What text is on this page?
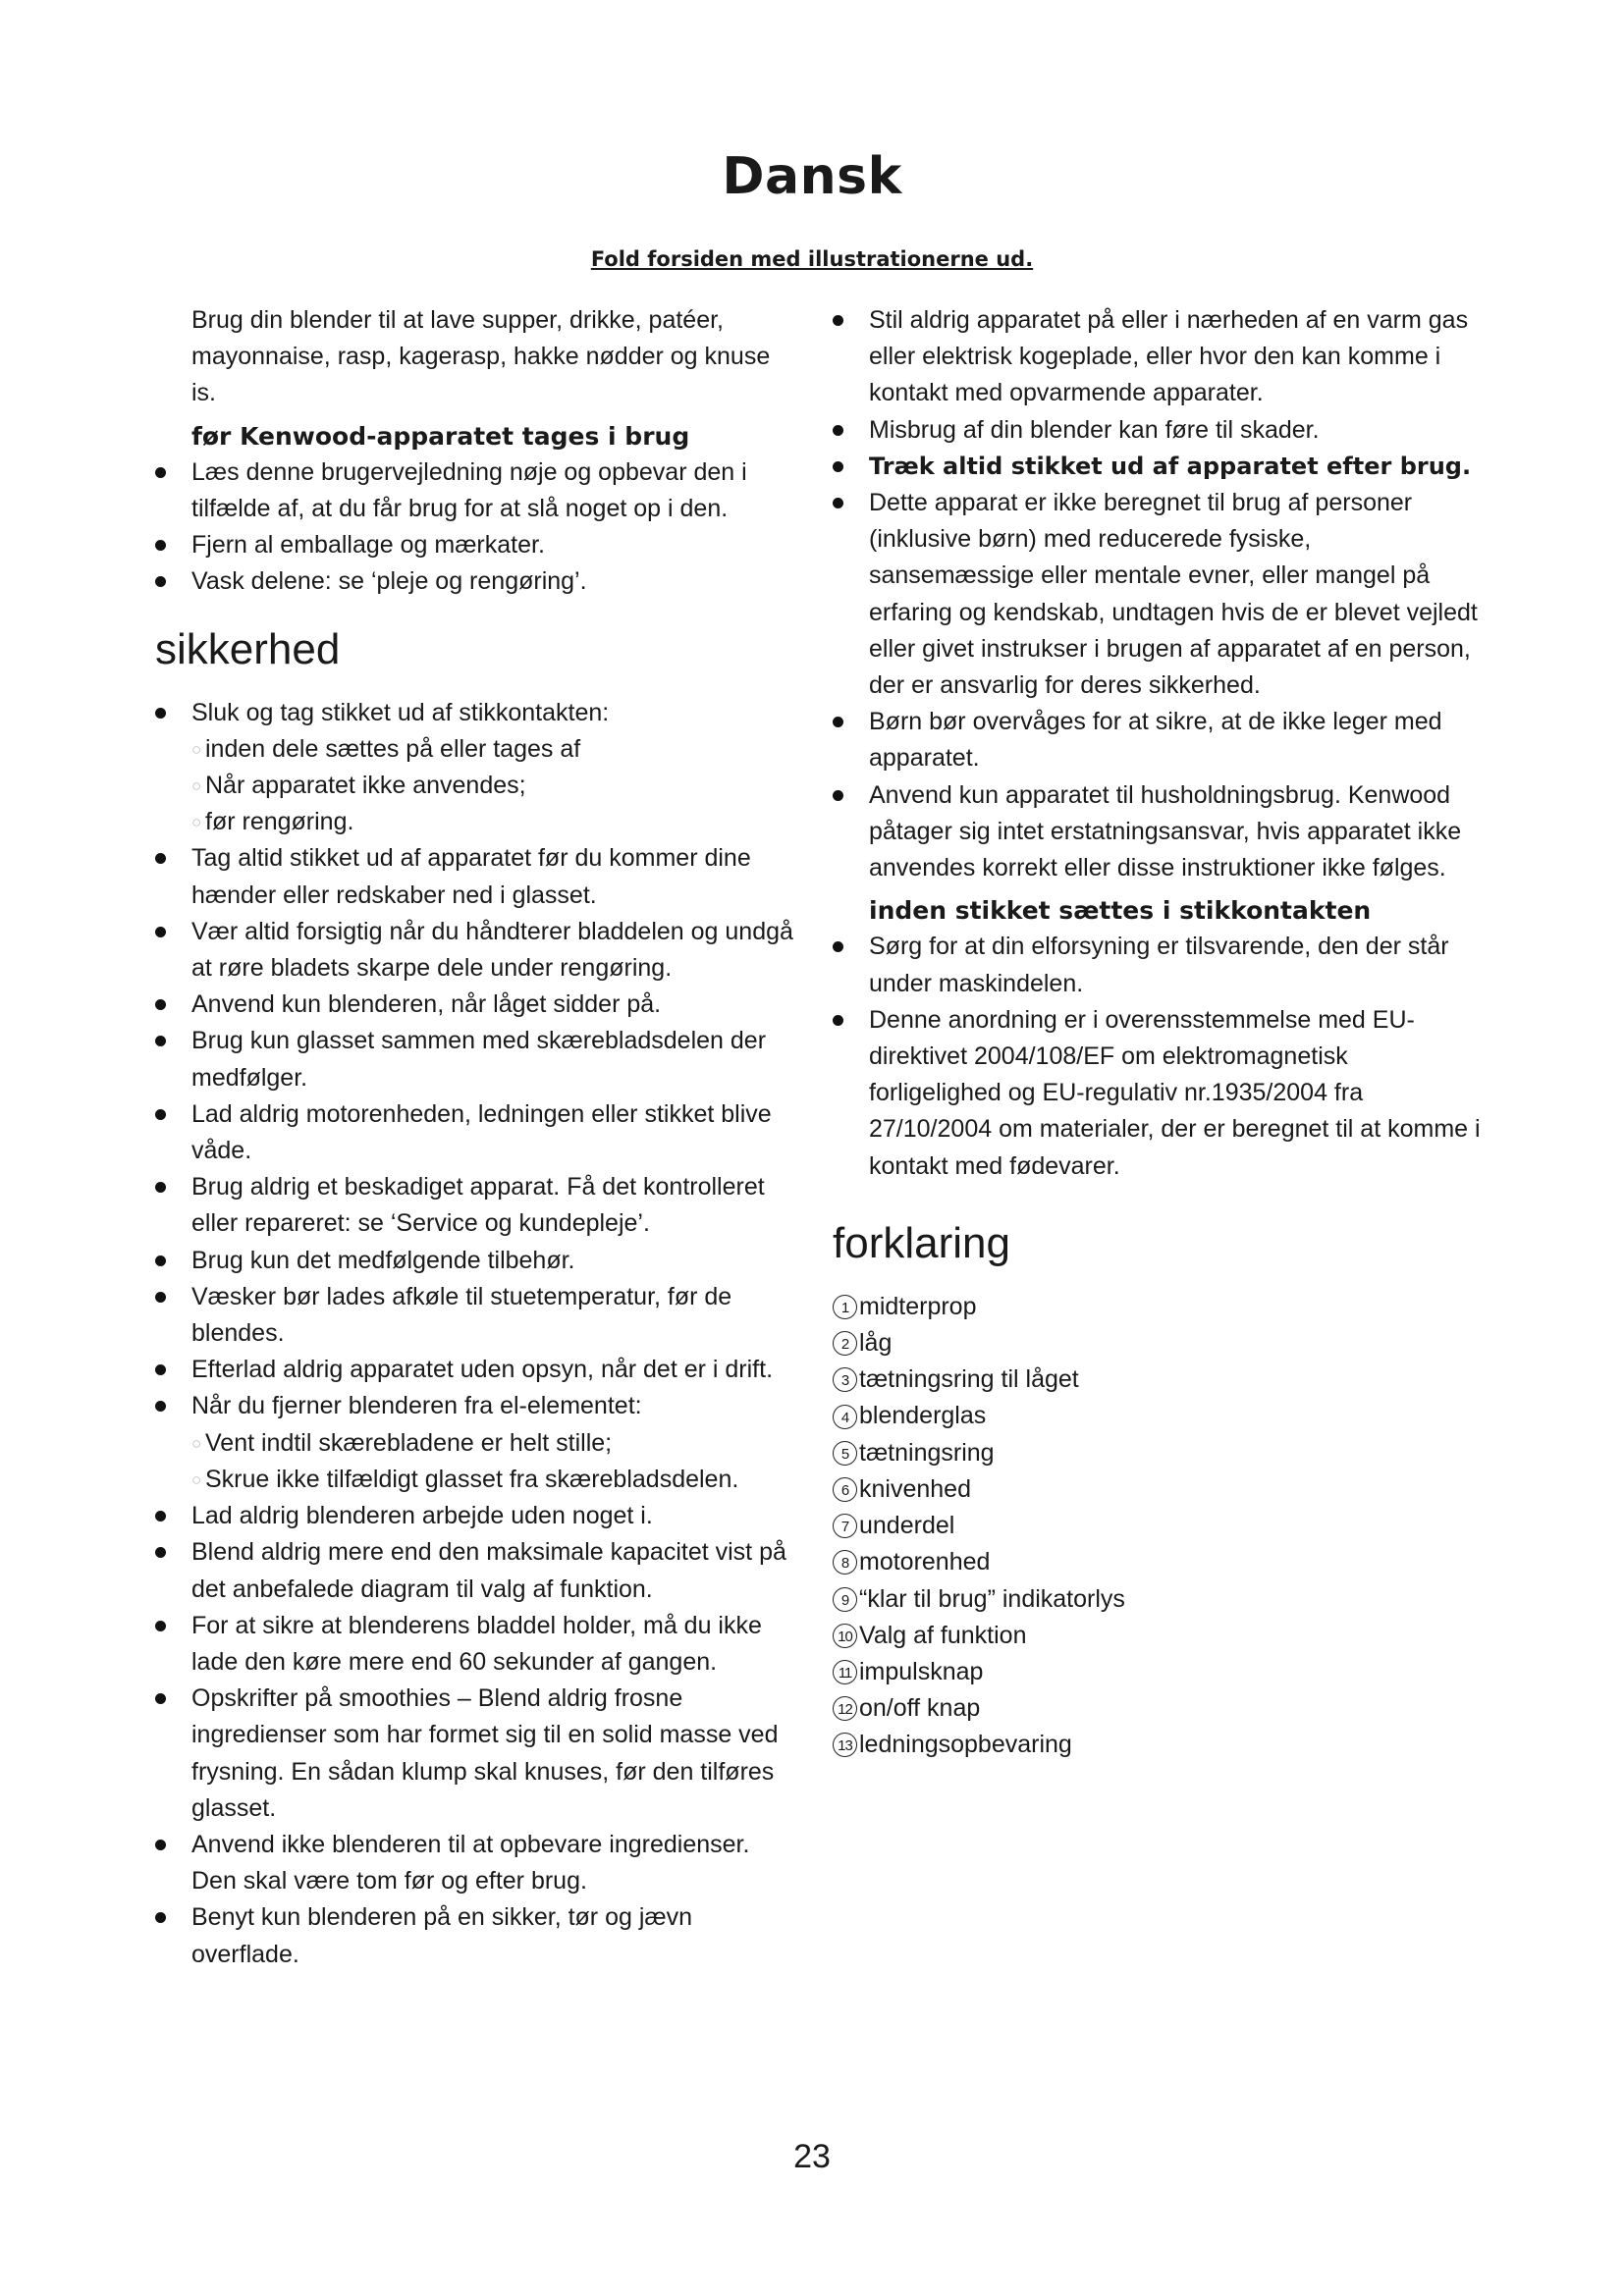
Dansk
Fold forsiden med illustrationerne ud.

Brug din blender til at lave supper, drikke, patéer, mayonnaise, rasp, kagerasp, hakke nødder og knuse is.

før Kenwood-apparatet tages i brug
Læs denne brugervejledning nøje og opbevar den i tilfælde af, at du får brug for at slå noget op i den.
Fjern al emballage og mærkater.
Vask delene: se ‘pleje og rengøring’.
sikkerhed
Sluk og tag stikket ud af stikkontakten:
○ inden dele sættes på eller tages af
○ Når apparatet ikke anvendes;
○ før rengøring.
Tag altid stikket ud af apparatet før du kommer dine hænder eller redskaber ned i glasset.
Vær altid forsigtig når du håndterer bladdelen og undgå at røre bladets skarpe dele under rengøring.
Anvend kun blenderen, når låget sidder på.
Brug kun glasset sammen med skærebladsdelen der medfølger.
Lad aldrig motorenheden, ledningen eller stikket blive våde.
Brug aldrig et beskadiget apparat. Få det kontrolleret eller repareret: se ‘Service og kundepleje’.
Brug kun det medfølgende tilbehør.
Væsker bør lades afkøle til stuetemperatur, før de blendes.
Efterlad aldrig apparatet uden opsyn, når det er i drift.
Når du fjerner blenderen fra el-elementet:
○ Vent indtil skærebladene er helt stille;
○ Skrue ikke tilfældigt glasset fra skærebladsdelen.
Lad aldrig blenderen arbejde uden noget i.
Blend aldrig mere end den maksimale kapacitet vist på det anbefalede diagram til valg af funktion.
For at sikre at blenderens bladdel holder, må du ikke lade den køre mere end 60 sekunder af gangen.
Opskrifter på smoothies – Blend aldrig frosne ingredienser som har formet sig til en solid masse ved frysning. En sådan klump skal knuses, før den tilføres glasset.
Anvend ikke blenderen til at opbevare ingredienser. Den skal være tom før og efter brug.
Benyt kun blenderen på en sikker, tør og jævn overflade.
Stil aldrig apparatet på eller i nærheden af en varm gas eller elektrisk kogeplade, eller hvor den kan komme i kontakt med opvarmende apparater.
Misbrug af din blender kan føre til skader.
Træk altid stikket ud af apparatet efter brug.
Dette apparat er ikke beregnet til brug af personer (inklusive børn) med reducerede fysiske, sansemæssige eller mentale evner, eller mangel på erfaring og kendskab, undtagen hvis de er blevet vejledt eller givet instrukser i brugen af apparatet af en person, der er ansvarlig for deres sikkerhed.
Børn bør overvåges for at sikre, at de ikke leger med apparatet.
Anvend kun apparatet til husholdningsbrug. Kenwood påtager sig intet erstatningsansvar, hvis apparatet ikke anvendes korrekt eller disse instruktioner ikke følges.
inden stikket sættes i stikkontakten
Sørg for at din elforsyning er tilsvarende, den der står under maskindelen.
Denne anordning er i overensstemmelse med EU-direktivet 2004/108/EF om elektromagnetisk forligelighed og EU-regulativ nr.1935/2004 fra 27/10/2004 om materialer, der er beregnet til at komme i kontakt med fødevarer.
forklaring
1 midterprop
2 låg
3 tætningsring til låget
4 blenderglas
5 tætningsring
6 knivenhed
7 underdel
8 motorenhed
9 “klar til brug” indikatorlys
10 Valg af funktion
11 impulsknap
12 on/off knap
13 ledningsopbevaring
23
